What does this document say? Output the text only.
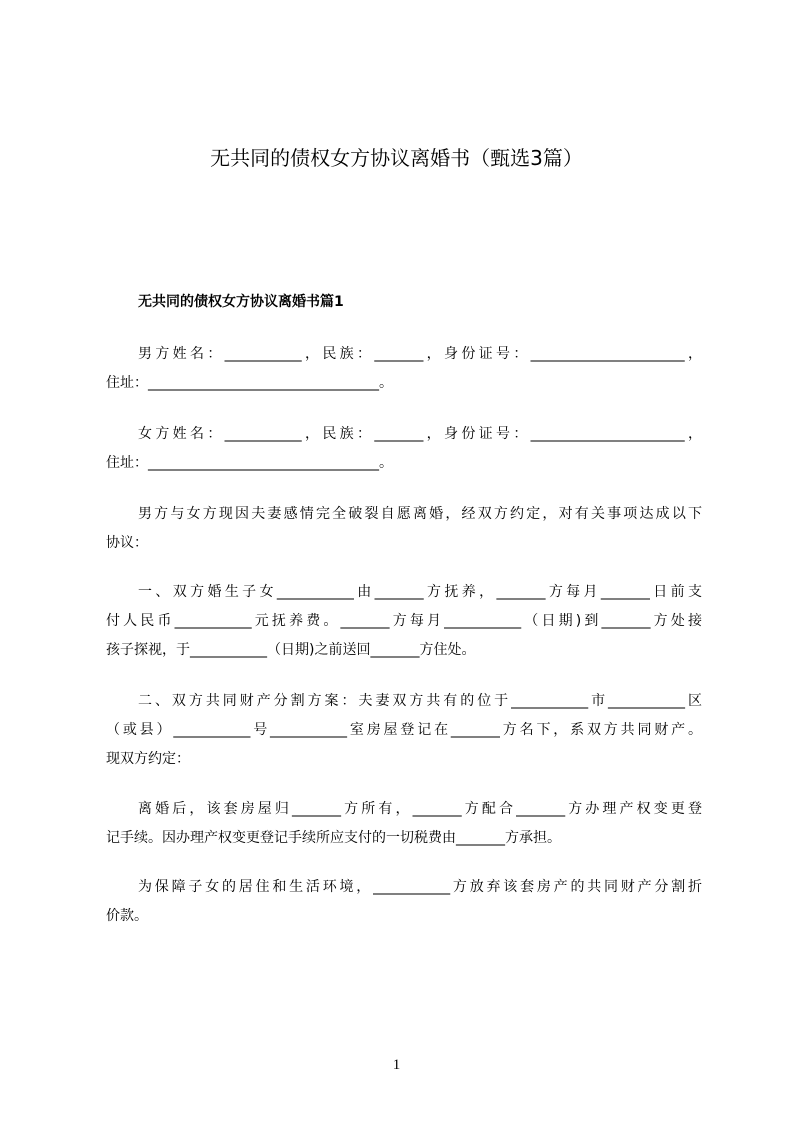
无共同的债权女方协议离婚书（甄选3篇）
无共同的债权女方协议离婚书篇1
男方姓名：___________，民族：_______，身份证号：______________________，
住址：_________________________________。
女方姓名：___________，民族：_______，身份证号：______________________，
住址：_________________________________。
男方与女方现因夫妻感情完全破裂自愿离婚，经双方约定，对有关事项达成以下
协议：
一、双方婚生子女___________由_______方抚养，_______方每月_______日前支
付人民币___________元抚养费。_______方每月___________（日期)到_______方处接
孩子探视，于___________（日期)之前送回_______方住处。
二、双方共同财产分割方案：夫妻双方共有的位于___________市___________区
（或县）___________号___________室房屋登记在_______方名下，系双方共同财产。
现双方约定：
离婚后，该套房屋归_______方所有，_______方配合_______方办理产权变更登
记手续。因办理产权变更登记手续所应支付的一切税费由_______方承担。
为保障子女的居住和生活环境，___________方放弃该套房产的共同财产分割折
价款。
1
